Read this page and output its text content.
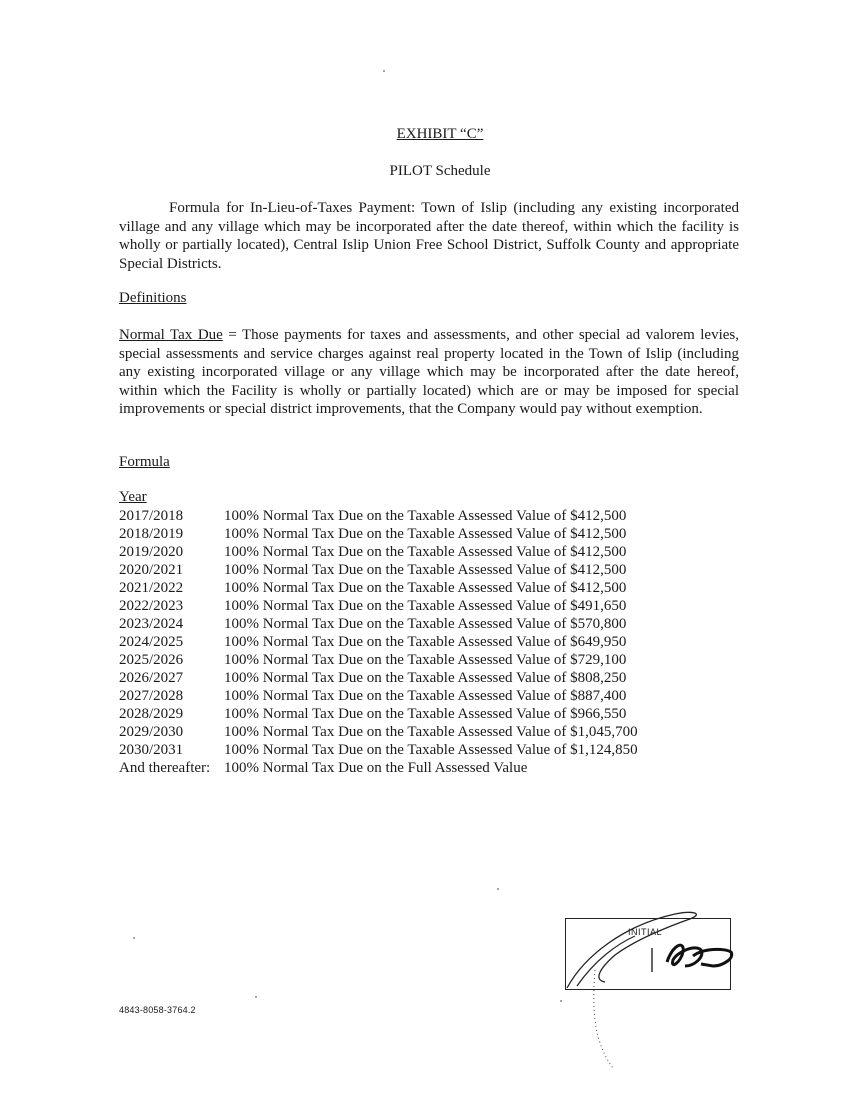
EXHIBIT “C”
PILOT Schedule

Formula for In-Lieu-of-Taxes Payment: Town of Islip (including any existing incorporated village and any village which may be incorporated after the date thereof, within which the facility is wholly or partially located), Central Islip Union Free School District, Suffolk County and appropriate Special Districts.

Definitions

Normal Tax Due = Those payments for taxes and assessments, and other special ad valorem levies, special assessments and service charges against real property located in the Town of Islip (including any existing incorporated village or any village which may be incorporated after the date hereof, within which the Facility is wholly or partially located) which are or may be imposed for special improvements or special district improvements, that the Company would pay without exemption.

Formula
Year
2017/2018	100% Normal Tax Due on the Taxable Assessed Value of $412,500
2018/2019	100% Normal Tax Due on the Taxable Assessed Value of $412,500
2019/2020	100% Normal Tax Due on the Taxable Assessed Value of $412,500
2020/2021	100% Normal Tax Due on the Taxable Assessed Value of $412,500
2021/2022	100% Normal Tax Due on the Taxable Assessed Value of $412,500
2022/2023	100% Normal Tax Due on the Taxable Assessed Value of $491,650
2023/2024	100% Normal Tax Due on the Taxable Assessed Value of $570,800
2024/2025	100% Normal Tax Due on the Taxable Assessed Value of $649,950
2025/2026	100% Normal Tax Due on the Taxable Assessed Value of $729,100
2026/2027	100% Normal Tax Due on the Taxable Assessed Value of $808,250
2027/2028	100% Normal Tax Due on the Taxable Assessed Value of $887,400
2028/2029	100% Normal Tax Due on the Taxable Assessed Value of $966,550
2029/2030	100% Normal Tax Due on the Taxable Assessed Value of $1,045,700
2030/2031	100% Normal Tax Due on the Taxable Assessed Value of $1,124,850
And thereafter: 100% Normal Tax Due on the Full Assessed Value
4843-8058-3764.2
INITIAL
